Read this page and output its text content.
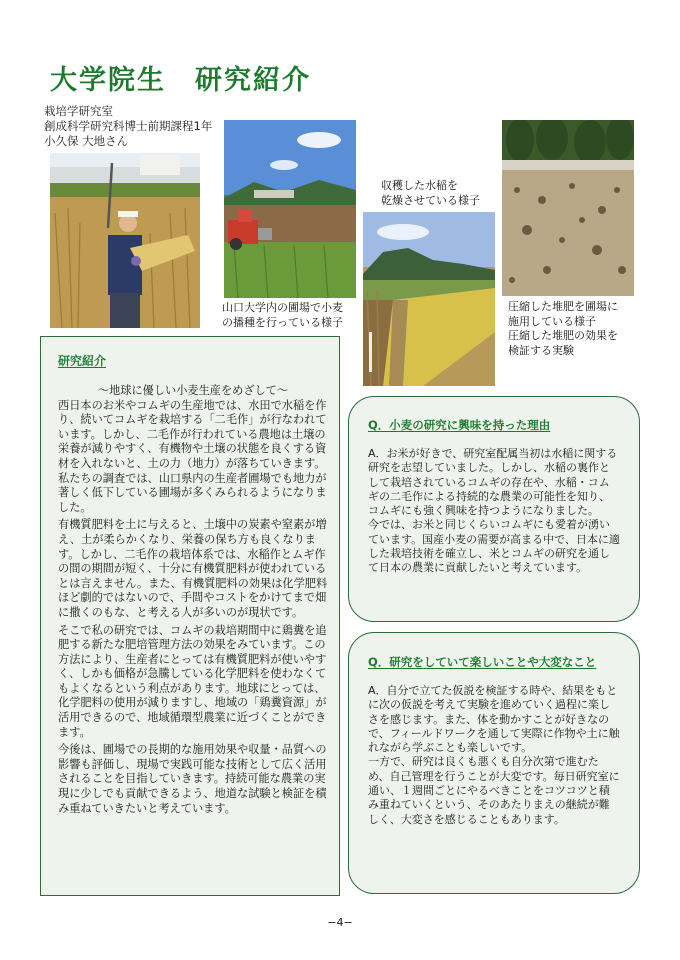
大学院生　研究紹介
栽培学研究室
創成科学研究科博士前期課程1年
小久保 大地さん
山口大学内の圃場で小麦
の播種を行っている様子
収穫した水稲を
乾燥させている様子
圧縮した堆肥を圃場に
施用している様子
圧縮した堆肥の効果を
検証する実験
研究紹介

～地球に優しい小麦生産をめざして～

西日本のお米やコムギの生産地では、水田で水稲を作り、続いてコムギを栽培する「二毛作」が行なわれています。しかし、二毛作が行われている農地は土壌の栄養が減りやすく、有機物や土壌の状態を良くする資材を入れないと、土の力（地力）が落ちていきます。私たちの調査では、山口県内の生産者圃場でも地力が著しく低下している圃場が多くみられるようになりました。

有機質肥料を土に与えると、土壌中の炭素や窒素が増え、土が柔らかくなり、栄養の保ち方も良くなります。しかし、二毛作の栽培体系では、水稲作とムギ作の間の期間が短く、十分に有機質肥料が使われているとは言えません。また、有機質肥料の効果は化学肥料ほど劇的ではないので、手間やコストをかけてまで畑に撒くのもな、と考える人が多いのが現状です。

そこで私の研究では、コムギの栽培期間中に鶏糞を追肥する新たな肥培管理方法の効果をみています。この方法により、生産者にとっては有機質肥料が使いやすく、しかも価格が急騰している化学肥料を使わなくてもよくなるという利点があります。地球にとっては、化学肥料の使用が減りますし、地域の「鶏糞資源」が活用できるので、地域循環型農業に近づくことができます。

今後は、圃場での長期的な施用効果や収量・品質への影響も評価し、現場で実践可能な技術として広く活用されることを目指していきます。持続可能な農業の実現に少しでも貢献できるよう、地道な試験と検証を積み重ねていきたいと考えています。

Q．小麦の研究に興味を持った理由

A．お米が好きで、研究室配属当初は水稲に関する研究を志望していました。しかし、水稲の裏作として栽培されているコムギの存在や、水稲・コムギの二毛作による持続的な農業の可能性を知り、コムギにも強く興味を持つようになりました。

今では、お米と同じくらいコムギにも愛着が湧いています。国産小麦の需要が高まる中で、日本に適した栽培技術を確立し、米とコムギの研究を通して日本の農業に貢献したいと考えています。

Q．研究をしていて楽しいことや大変なこと

A．自分で立てた仮説を検証する時や、結果をもとに次の仮説を考えて実験を進めていく過程に楽しさを感じます。また、体を動かすことが好きなので、フィールドワークを通して実際に作物や土に触れながら学ぶことも楽しいです。

一方で、研究は良くも悪くも自分次第で進むため、自己管理を行うことが大変です。毎日研究室に通い、１週間ごとにやるべきことをコツコツと積み重ねていくという、そのあたりまえの継続が難しく、大変さを感じることもあります。

−4−
